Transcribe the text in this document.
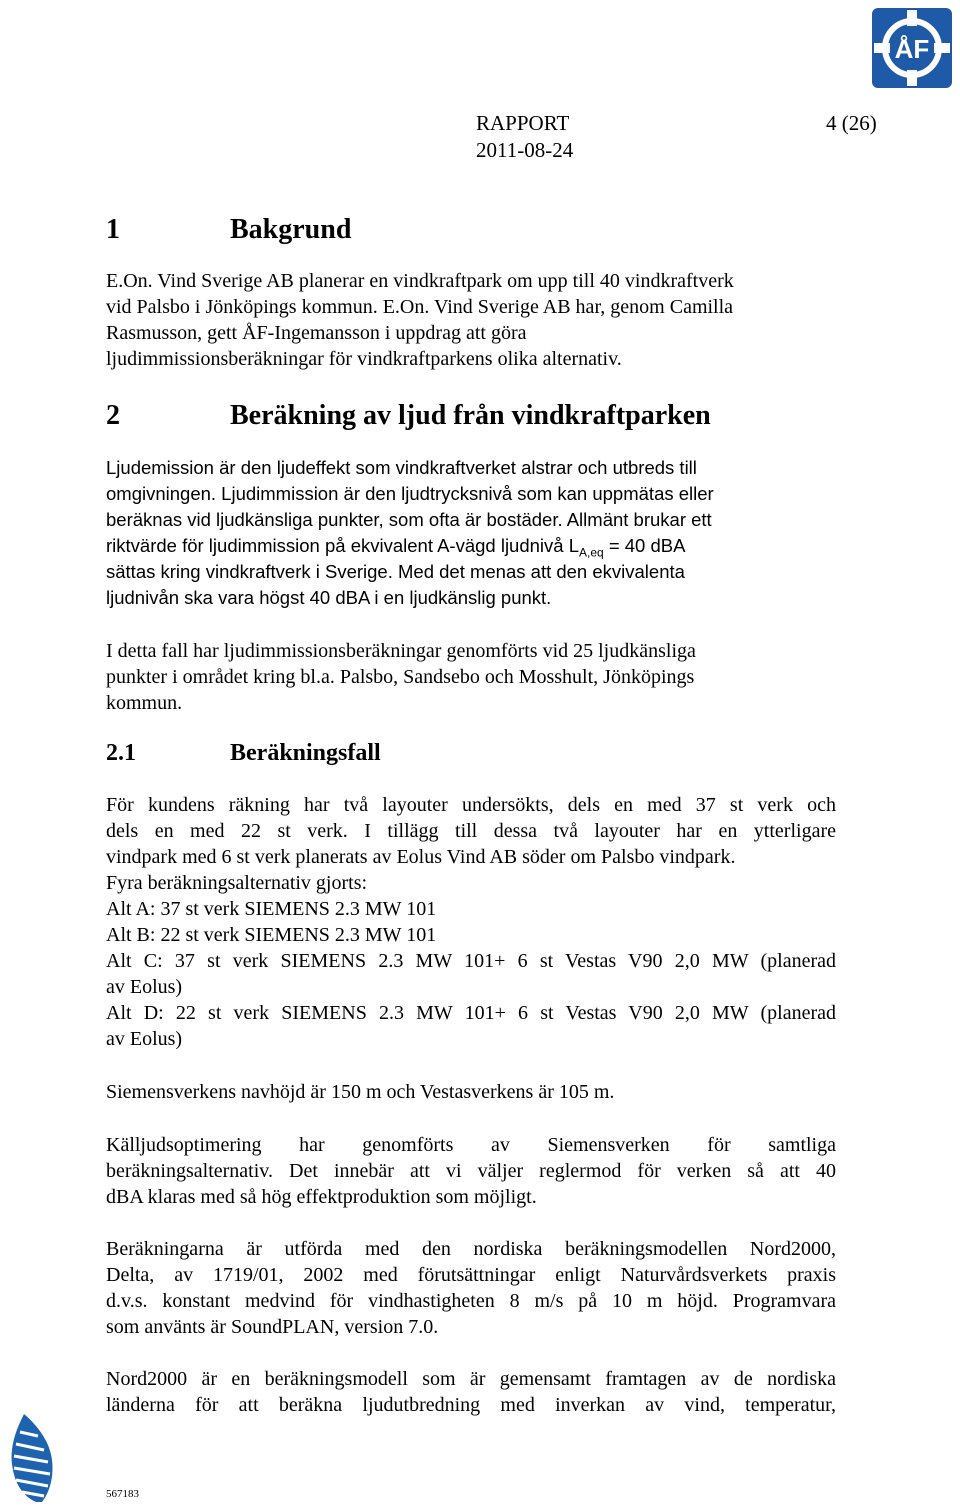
ÅF
RAPPORT
2011-08-24
4 (26)
1	Bakgrund
E.On. Vind Sverige AB planerar en vindkraftpark om upp till 40 vindkraftverk
vid Palsbo i Jönköpings kommun. E.On. Vind Sverige AB har, genom Camilla
Rasmusson, gett ÅF-Ingemansson i uppdrag att göra
ljudimmissionsberäkningar för vindkraftparkens olika alternativ.
2	Beräkning av ljud från vindkraftparken
Ljudemission är den ljudeffekt som vindkraftverket alstrar och utbreds till
omgivningen. Ljudimmission är den ljudtrycksnivå som kan uppmätas eller
beräknas vid ljudkänsliga punkter, som ofta är bostäder. Allmänt brukar ett
riktvärde för ljudimmission på ekvivalent A-vägd ljudnivå $L_{A,eq} = 40$ dBA
sättas kring vindkraftverk i Sverige. Med det menas att den ekvivalenta
ljudnivån ska vara högst 40 dBA i en ljudkänslig punkt.
I detta fall har ljudimmissionsberäkningar genomförts vid 25 ljudkänsliga
punkter i området kring bl.a. Palsbo, Sandsebo och Mosshult, Jönköpings
kommun.
2.1	Beräkningsfall
För kundens räkning har två layouter undersökts, dels en med 37 st verk och
dels en med 22 st verk. I tillägg till dessa två layouter har en ytterligare
vindpark med 6 st verk planerats av Eolus Vind AB söder om Palsbo vindpark.
Fyra beräkningsalternativ gjorts:
Alt A: 37 st verk SIEMENS 2.3 MW 101
Alt B: 22 st verk SIEMENS 2.3 MW 101
Alt C: 37 st verk SIEMENS 2.3 MW 101+ 6 st Vestas V90 2,0 MW (planerad
av Eolus)
Alt D: 22 st verk SIEMENS 2.3 MW 101+ 6 st Vestas V90 2,0 MW (planerad
av Eolus)
Siemensverkens navhöjd är 150 m och Vestasverkens är 105 m.
Källjudsoptimering har genomförts av Siemensverken för samtliga
beräkningsalternativ. Det innebär att vi väljer reglermod för verken så att 40
dBA klaras med så hög effektproduktion som möjligt.
Beräkningarna är utförda med den nordiska beräkningsmodellen Nord2000,
Delta, av 1719/01, 2002 med förutsättningar enligt Naturvårdsverkets praxis
d.v.s. konstant medvind för vindhastigheten 8 m/s på 10 m höjd. Programvara
som använts är SoundPLAN, version 7.0.
Nord2000 är en beräkningsmodell som är gemensamt framtagen av de nordiska
länderna för att beräkna ljudutbredning med inverkan av vind, temperatur,
567183
